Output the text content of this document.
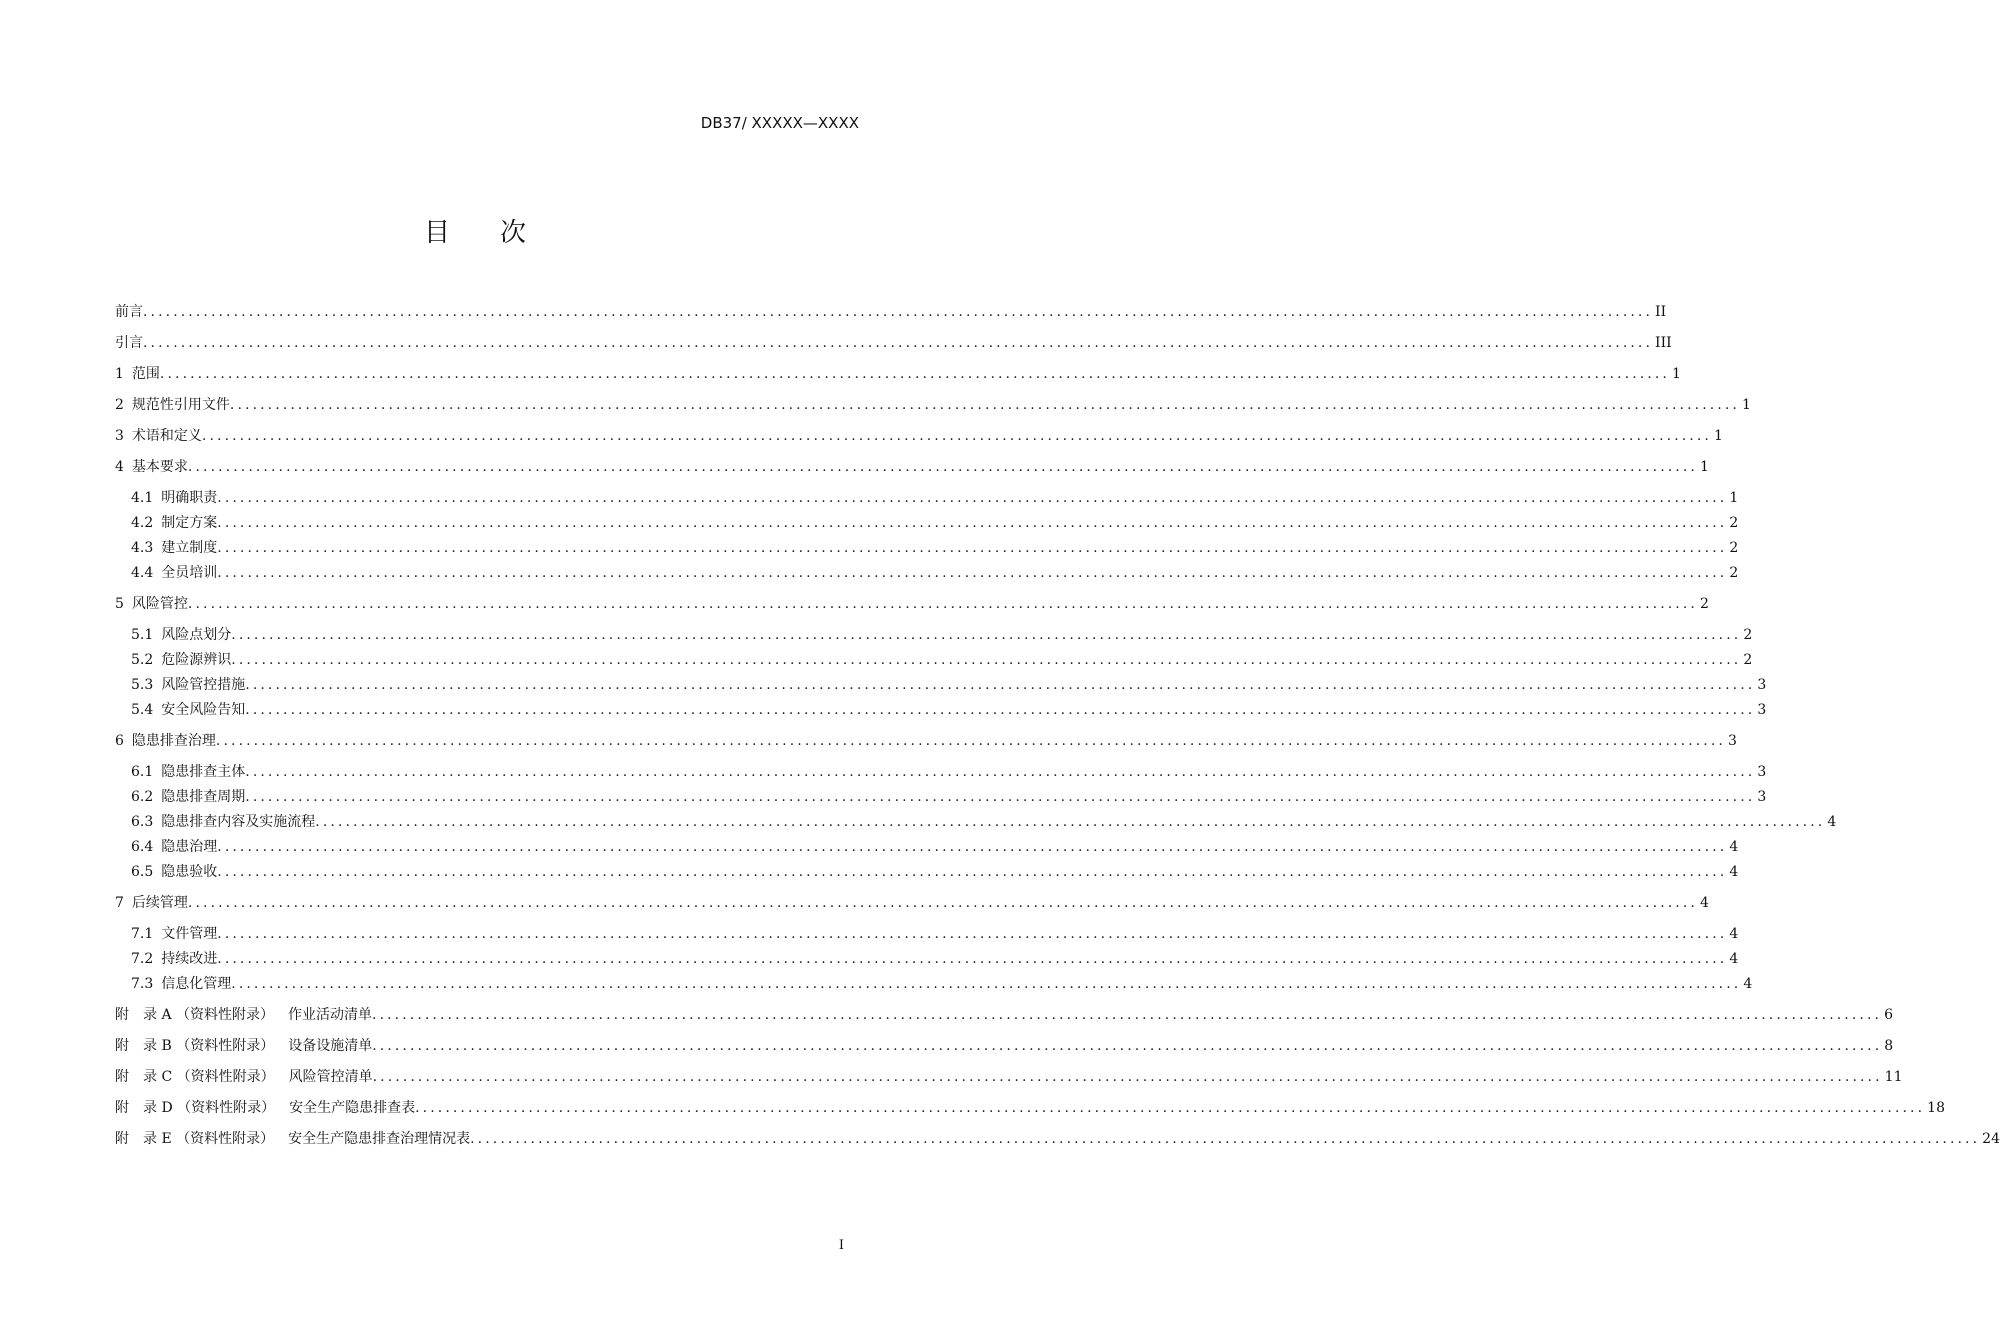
DB37/ XXXXX—XXXX
目次
前言 ........................................................................................................................................................................................................ II
引言 ........................................................................................................................................................................................................ III
1 范围 ........................................................................................................................................................................................................ 1
2 规范性引用文件 ........................................................................................................................................................................................................ 1
3 术语和定义 ........................................................................................................................................................................................................ 1
4 基本要求 ........................................................................................................................................................................................................ 1
4.1 明确职责 ........................................................................................................................................................................................................ 1
4.2 制定方案 ........................................................................................................................................................................................................ 2
4.3 建立制度 ........................................................................................................................................................................................................ 2
4.4 全员培训 ........................................................................................................................................................................................................ 2
5 风险管控 ........................................................................................................................................................................................................ 2
5.1 风险点划分 ........................................................................................................................................................................................................ 2
5.2 危险源辨识 ........................................................................................................................................................................................................ 2
5.3 风险管控措施 ........................................................................................................................................................................................................ 3
5.4 安全风险告知 ........................................................................................................................................................................................................ 3
6 隐患排查治理 ........................................................................................................................................................................................................ 3
6.1 隐患排查主体 ........................................................................................................................................................................................................ 3
6.2 隐患排查周期 ........................................................................................................................................................................................................ 3
6.3 隐患排查内容及实施流程 ........................................................................................................................................................................................................ 4
6.4 隐患治理 ........................................................................................................................................................................................................ 4
6.5 隐患验收 ........................................................................................................................................................................................................ 4
7 后续管理 ........................................................................................................................................................................................................ 4
7.1 文件管理 ........................................................................................................................................................................................................ 4
7.2 持续改进 ........................................................................................................................................................................................................ 4
7.3 信息化管理 ........................................................................................................................................................................................................ 4
附　录 A （资料性附录） 作业活动清单 ........................................................................................................................................................................................................ 6
附　录 B （资料性附录） 设备设施清单 ........................................................................................................................................................................................................ 8
附　录 C （资料性附录） 风险管控清单 ........................................................................................................................................................................................................ 11
附　录 D （资料性附录） 安全生产隐患排查表 ........................................................................................................................................................................................................ 18
附　录 E （资料性附录） 安全生产隐患排查治理情况表 ........................................................................................................................................................................................................ 24
I
